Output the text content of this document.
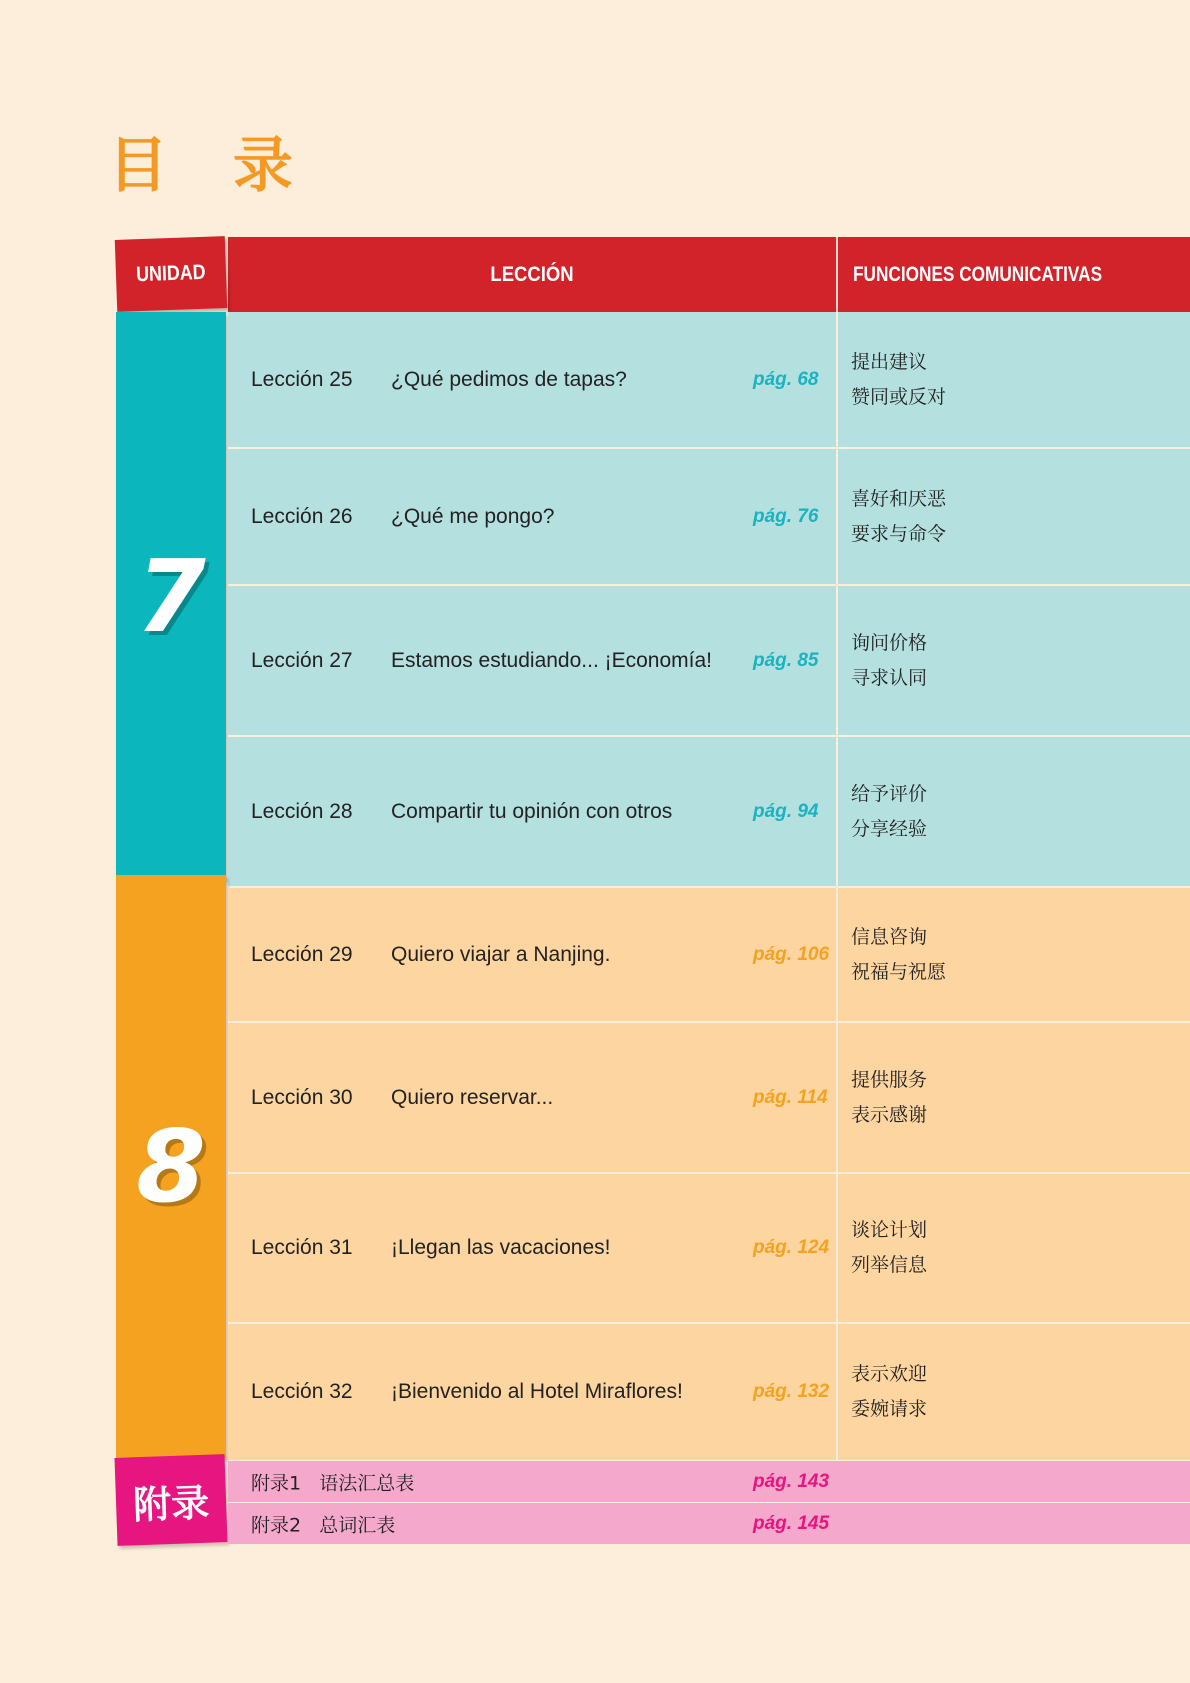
目 录
LECCIÓN	FUNCIONES COMUNICATIVAS
UNIDAD
7
Lección 25 ¿Qué pedimos de tapas?	pág. 68
提出建议
赞同或反对
Lección 26 ¿Qué me pongo?	pág. 76
喜好和厌恶
要求与命令
Lección 27 Estamos estudiando... ¡Economía! pág. 85
询问价格
寻求认同
Lección 28 Compartir tu opinión con otros	pág. 94
给予评价
分享经验
8
Lección 29 Quiero viajar a Nanjing.	pág. 106
信息咨询
祝福与祝愿
Lección 30 Quiero reservar...	pág. 114
提供服务
表示感谢
Lección 31 ¡Llegan las vacaciones!	pág. 124
谈论计划
列举信息
Lección 32 ¡Bienvenido al Hotel Miraflores!	pág. 132
表示欢迎
委婉请求
附录 附录1   语法汇总表	pág. 143
附录2   总词汇表	pág. 145
